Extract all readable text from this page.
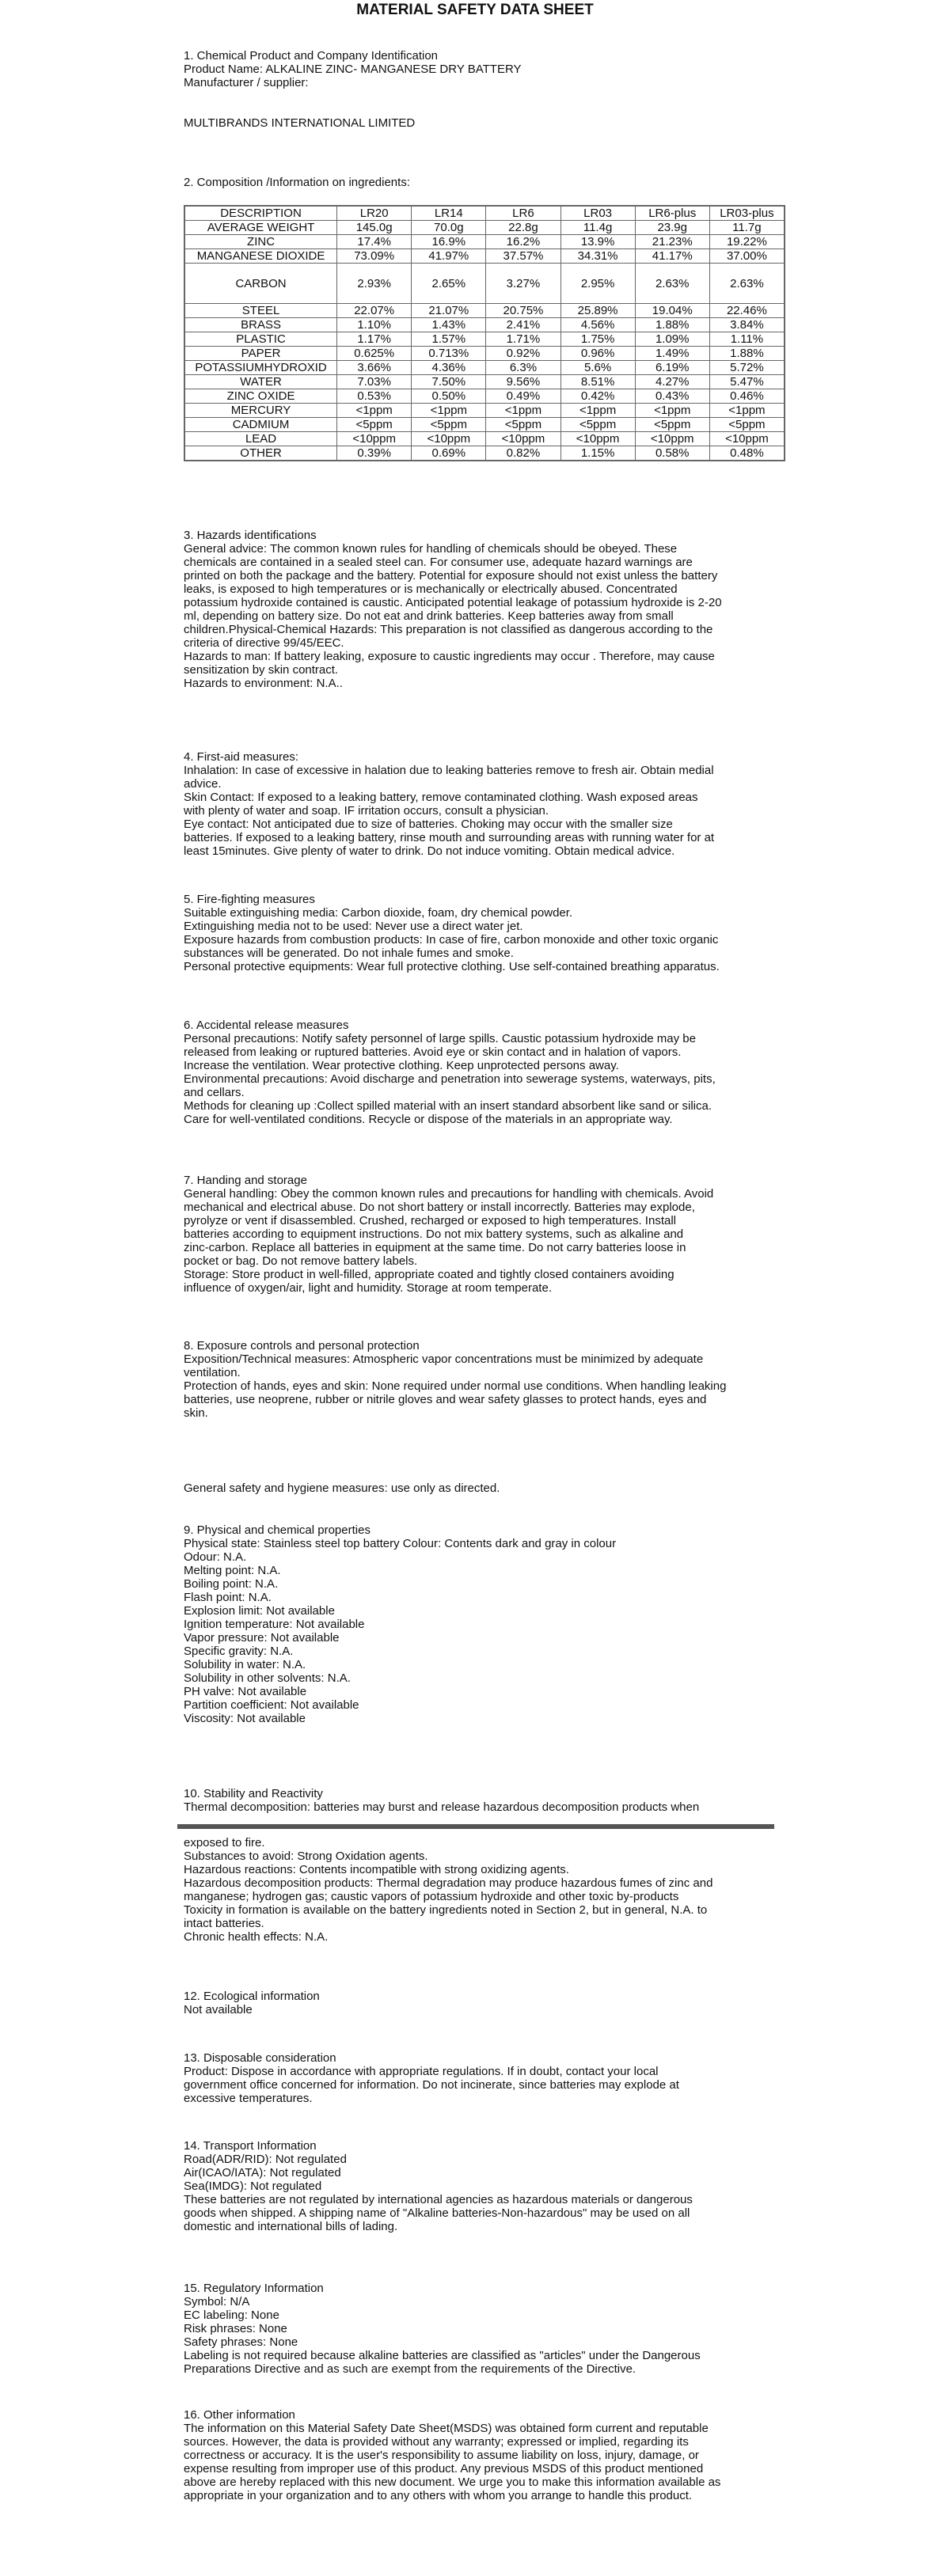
MATERIAL SAFETY DATA SHEET

1. Chemical Product and Company Identification

Product Name: ALKALINE ZINC- MANGANESE DRY BATTERY

Manufacturer / supplier:

MULTIBRANDS INTERNATIONAL LIMITED

2. Composition /Information on ingredients:

DESCRIPTION	LR20	LR14	LR6	LR03	LR6-plus	LR03-plus
AVERAGE WEIGHT	145.0g	70.0g	22.8g	11.4g	23.9g	11.7g
ZINC	17.4%	16.9%	16.2%	13.9%	21.23%	19.22%
MANGANESE DIOXIDE	73.09%	41.97%	37.57%	34.31%	41.17%	37.00%
CARBON	2.93%	2.65%	3.27%	2.95%	2.63%	2.63%
STEEL	22.07%	21.07%	20.75%	25.89%	19.04%	22.46%
BRASS	1.10%	1.43%	2.41%	4.56%	1.88%	3.84%
PLASTIC	1.17%	1.57%	1.71%	1.75%	1.09%	1.11%
PAPER	0.625%	0.713%	0.92%	0.96%	1.49%	1.88%
POTASSIUMHYDROXID	3.66%	4.36%	6.3%	5.6%	6.19%	5.72%
WATER	7.03%	7.50%	9.56%	8.51%	4.27%	5.47%
ZINC OXIDE	0.53%	0.50%	0.49%	0.42%	0.43%	0.46%
MERCURY	<1ppm	<1ppm	<1ppm	<1ppm	<1ppm	<1ppm
CADMIUM	<5ppm	<5ppm	<5ppm	<5ppm	<5ppm	<5ppm
LEAD	<10ppm	<10ppm	<10ppm	<10ppm	<10ppm	<10ppm
OTHER	0.39%	0.69%	0.82%	1.15%	0.58%	0.48%

3. Hazards identifications

General advice: The common known rules for handling of chemicals should be obeyed. These

chemicals are contained in a sealed steel can. For consumer use, adequate hazard warnings are

printed on both the package and the battery. Potential for exposure should not exist unless the battery

leaks, is exposed to high temperatures or is mechanically or electrically abused. Concentrated

potassium hydroxide contained is caustic. Anticipated potential leakage of potassium hydroxide is 2-20

ml, depending on battery size. Do not eat and drink batteries. Keep batteries away from small

children.Physical-Chemical Hazards: This preparation is not classified as dangerous according to the

criteria of directive 99/45/EEC.

Hazards to man: If battery leaking, exposure to caustic ingredients may occur . Therefore, may cause

sensitization by skin contract.

Hazards to environment: N.A..

4. First-aid measures:

Inhalation: In case of excessive in halation due to leaking batteries remove to fresh air. Obtain medial

advice.

Skin Contact: If exposed to a leaking battery, remove contaminated clothing. Wash exposed areas

with plenty of water and soap. IF irritation occurs, consult a physician.

Eye contact: Not anticipated due to size of batteries. Choking may occur with the smaller size

batteries. If exposed to a leaking battery, rinse mouth and surrounding areas with running water for at

least 15minutes. Give plenty of water to drink. Do not induce vomiting. Obtain medical advice.

5. Fire-fighting measures

Suitable extinguishing media: Carbon dioxide, foam, dry chemical powder.

Extinguishing media not to be used: Never use a direct water jet.

Exposure hazards from combustion products: In case of fire, carbon monoxide and other toxic organic

substances will be generated. Do not inhale fumes and smoke.

Personal protective equipments: Wear full protective clothing. Use self-contained breathing apparatus.

6. Accidental release measures

Personal precautions: Notify safety personnel of large spills. Caustic potassium hydroxide may be

released from leaking or ruptured batteries. Avoid eye or skin contact and in halation of vapors.

Increase the ventilation. Wear protective clothing. Keep unprotected persons away.

Environmental precautions: Avoid discharge and penetration into sewerage systems, waterways, pits,

and cellars.

Methods for cleaning up :Collect spilled material with an insert standard absorbent like sand or silica.

Care for well-ventilated conditions. Recycle or dispose of the materials in an appropriate way.

7. Handing and storage

General handling: Obey the common known rules and precautions for handling with chemicals. Avoid

mechanical and electrical abuse. Do not short battery or install incorrectly. Batteries may explode,

pyrolyze or vent if disassembled. Crushed, recharged or exposed to high temperatures. Install

batteries according to equipment instructions. Do not mix battery systems, such as alkaline and

zinc-carbon. Replace all batteries in equipment at the same time. Do not carry batteries loose in

pocket or bag. Do not remove battery labels.

Storage: Store product in well-filled, appropriate coated and tightly closed containers avoiding

influence of oxygen/air, light and humidity. Storage at room temperate.

8. Exposure controls and personal protection

Exposition/Technical measures: Atmospheric vapor concentrations must be minimized by adequate

ventilation.

Protection of hands, eyes and skin: None required under normal use conditions. When handling leaking

batteries, use neoprene, rubber or nitrile gloves and wear safety glasses to protect hands, eyes and

skin.

General safety and hygiene measures: use only as directed.

9. Physical and chemical properties

Physical state: Stainless steel top battery Colour: Contents dark and gray in colour

Odour: N.A.

Melting point: N.A.

Boiling point: N.A.

Flash point: N.A.

Explosion limit: Not available

Ignition temperature: Not available

Vapor pressure: Not available

Specific gravity: N.A.

Solubility in water: N.A.

Solubility in other solvents: N.A.

PH valve: Not available

Partition coefficient: Not available

Viscosity: Not available

10. Stability and Reactivity

Thermal decomposition: batteries may burst and release hazardous decomposition products when

exposed to fire.

Substances to avoid: Strong Oxidation agents.

Hazardous reactions: Contents incompatible with strong oxidizing agents.

Hazardous decomposition products: Thermal degradation may produce hazardous fumes of zinc and

manganese; hydrogen gas; caustic vapors of potassium hydroxide and other toxic by-products

Toxicity in formation is available on the battery ingredients noted in Section 2, but in general, N.A. to

intact batteries.

Chronic health effects: N.A.

12. Ecological information

Not available

13. Disposable consideration

Product: Dispose in accordance with appropriate regulations. If in doubt, contact your local

government office concerned for information. Do not incinerate, since batteries may explode at

excessive temperatures.

14. Transport Information

Road(ADR/RID): Not regulated

Air(ICAO/IATA): Not regulated

Sea(IMDG): Not regulated

These batteries are not regulated by international agencies as hazardous materials or dangerous

goods when shipped. A shipping name of "Alkaline batteries-Non-hazardous" may be used on all

domestic and international bills of lading.

15. Regulatory Information

Symbol: N/A

EC labeling: None

Risk phrases: None

Safety phrases: None

Labeling is not required because alkaline batteries are classified as "articles" under the Dangerous

Preparations Directive and as such are exempt from the requirements of the Directive.

16. Other information

The information on this Material Safety Date Sheet(MSDS) was obtained form current and reputable

sources. However, the data is provided without any warranty; expressed or implied, regarding its

correctness or accuracy. It is the user's responsibility to assume liability on loss, injury, damage, or

expense resulting from improper use of this product. Any previous MSDS of this product mentioned

above are hereby replaced with this new document. We urge you to make this information available as

appropriate in your organization and to any others with whom you arrange to handle this product.
